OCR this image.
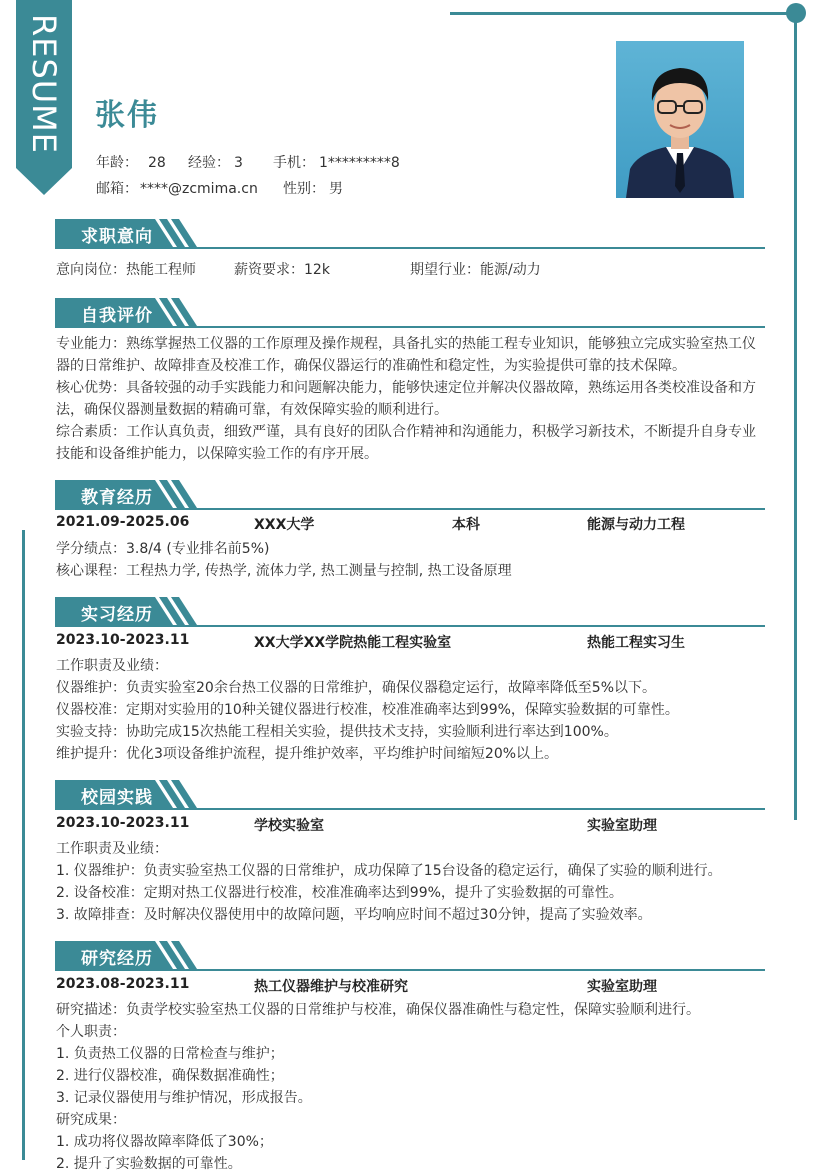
RESUME 张伟
年龄： 28 经验： 3 手机： 1*********8
邮箱： ****@zcmima.cn 性别： 男
求职意向
意向岗位：热能工程师	薪资要求：12k	期望行业：能源/动力
自我评价
专业能力：熟练掌握热工仪器的工作原理及操作规程，具备扎实的热能工程专业知识，能够独立完成实验室热工仪
器的日常维护、故障排查及校准工作，确保仪器运行的准确性和稳定性，为实验提供可靠的技术保障。
核心优势：具备较强的动手实践能力和问题解决能力，能够快速定位并解决仪器故障，熟练运用各类校准设备和方
法，确保仪器测量数据的精确可靠，有效保障实验的顺利进行。
综合素质：工作认真负责，细致严谨，具有良好的团队合作精神和沟通能力，积极学习新技术，不断提升自身专业
技能和设备维护能力，以保障实验工作的有序开展。
教育经历
2021.09-2025.06	XXX大学	本科	能源与动力工程
学分绩点：3.8/4 (专业排名前5%)
核心课程：工程热力学, 传热学, 流体力学, 热工测量与控制, 热工设备原理
实习经历
2023.10-2023.11	XX大学XX学院热能工程实验室	热能工程实习生
工作职责及业绩：
仪器维护：负责实验室20余台热工仪器的日常维护，确保仪器稳定运行，故障率降低至5%以下。
仪器校准：定期对实验用的10种关键仪器进行校准，校准准确率达到99%，保障实验数据的可靠性。
实验支持：协助完成15次热能工程相关实验，提供技术支持，实验顺利进行率达到100%。
维护提升：优化3项设备维护流程，提升维护效率，平均维护时间缩短20%以上。
校园实践
2023.10-2023.11	学校实验室	实验室助理
工作职责及业绩：
1. 仪器维护：负责实验室热工仪器的日常维护，成功保障了15台设备的稳定运行，确保了实验的顺利进行。
2. 设备校准：定期对热工仪器进行校准，校准准确率达到99%，提升了实验数据的可靠性。
3. 故障排查：及时解决仪器使用中的故障问题，平均响应时间不超过30分钟，提高了实验效率。
研究经历
2023.08-2023.11	热工仪器维护与校准研究	实验室助理
研究描述：负责学校实验室热工仪器的日常维护与校准，确保仪器准确性与稳定性，保障实验顺利进行。
个人职责：
1. 负责热工仪器的日常检查与维护；
2. 进行仪器校准，确保数据准确性；
3. 记录仪器使用与维护情况，形成报告。
研究成果：
1. 成功将仪器故障率降低了30%；
2. 提升了实验数据的可靠性。
